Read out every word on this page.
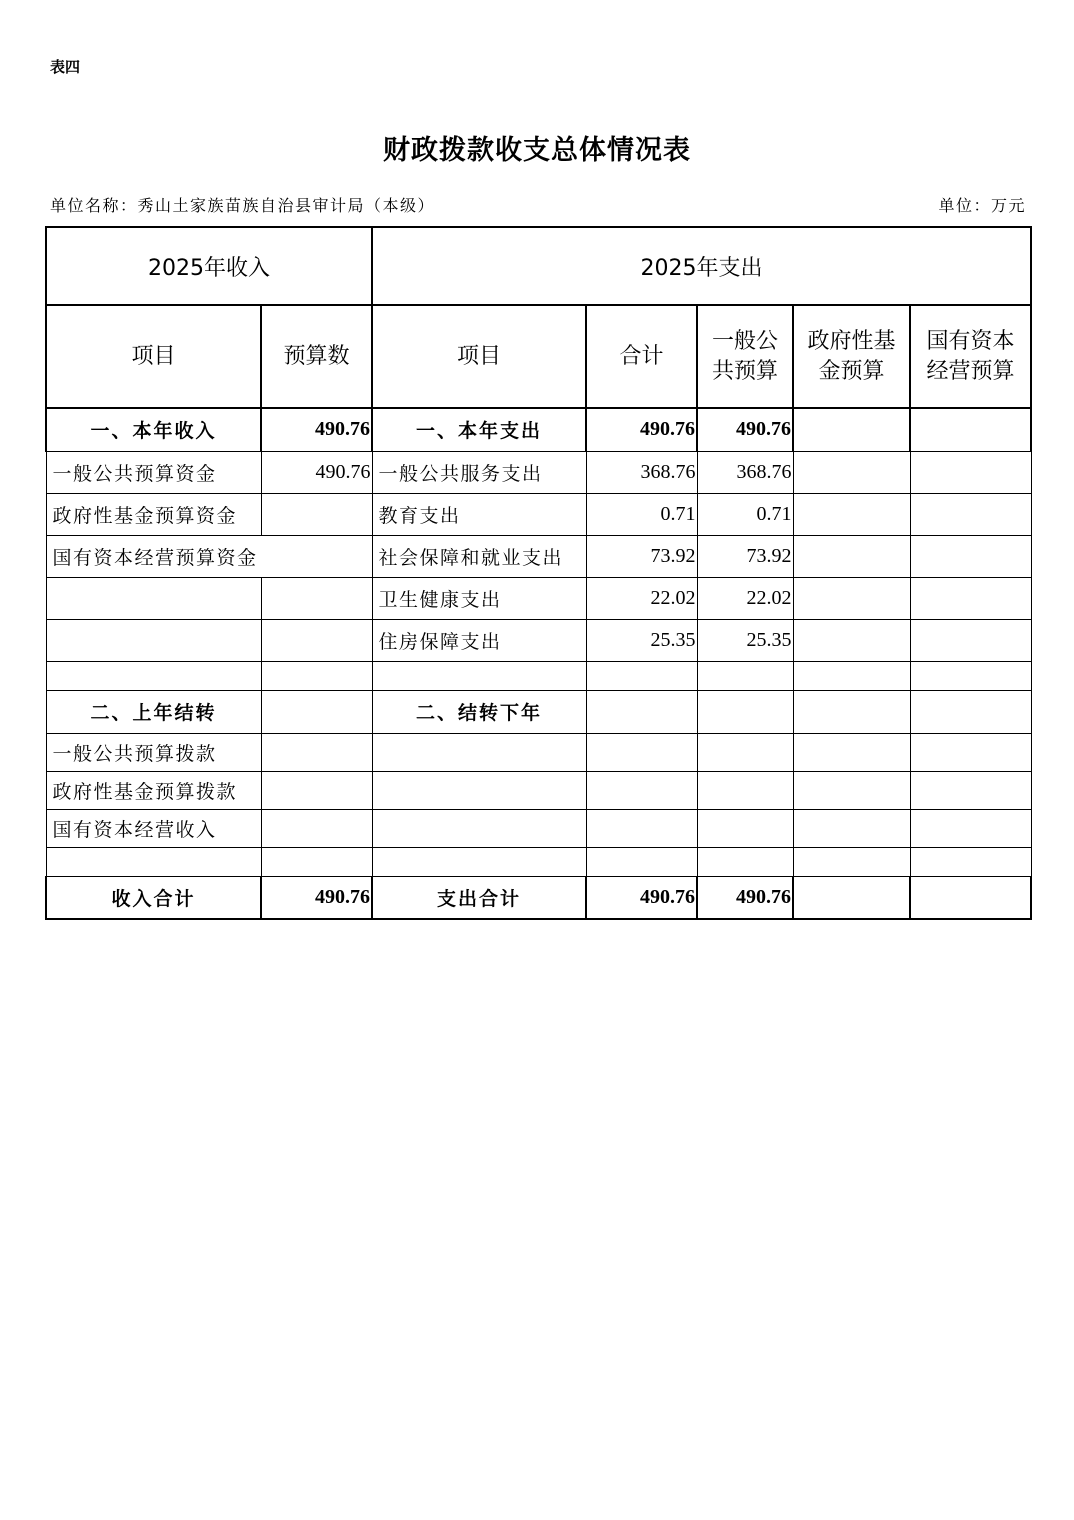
表四
财政拨款收支总体情况表
单位名称：秀山土家族苗族自治县审计局（本级）	单位：万元
2025年收入		2025年支出				
项目	预算数	项目	合计	一般公共预算	政府性基金预算	国有资本经营预算
一、本年收入	490.76	一、本年支出	490.76	490.76		
一般公共预算资金	490.76	一般公共服务支出	368.76	368.76		
政府性基金预算资金		教育支出	0.71	0.71		
国有资本经营预算资金		社会保障和就业支出	73.92	73.92		
		卫生健康支出	22.02	22.02		
		住房保障支出	25.35	25.35		

二、上年结转		二、结转下年				
一般公共预算拨款						
政府性基金预算拨款						
国有资本经营收入						

收入合计	490.76	支出合计	490.76	490.76		
